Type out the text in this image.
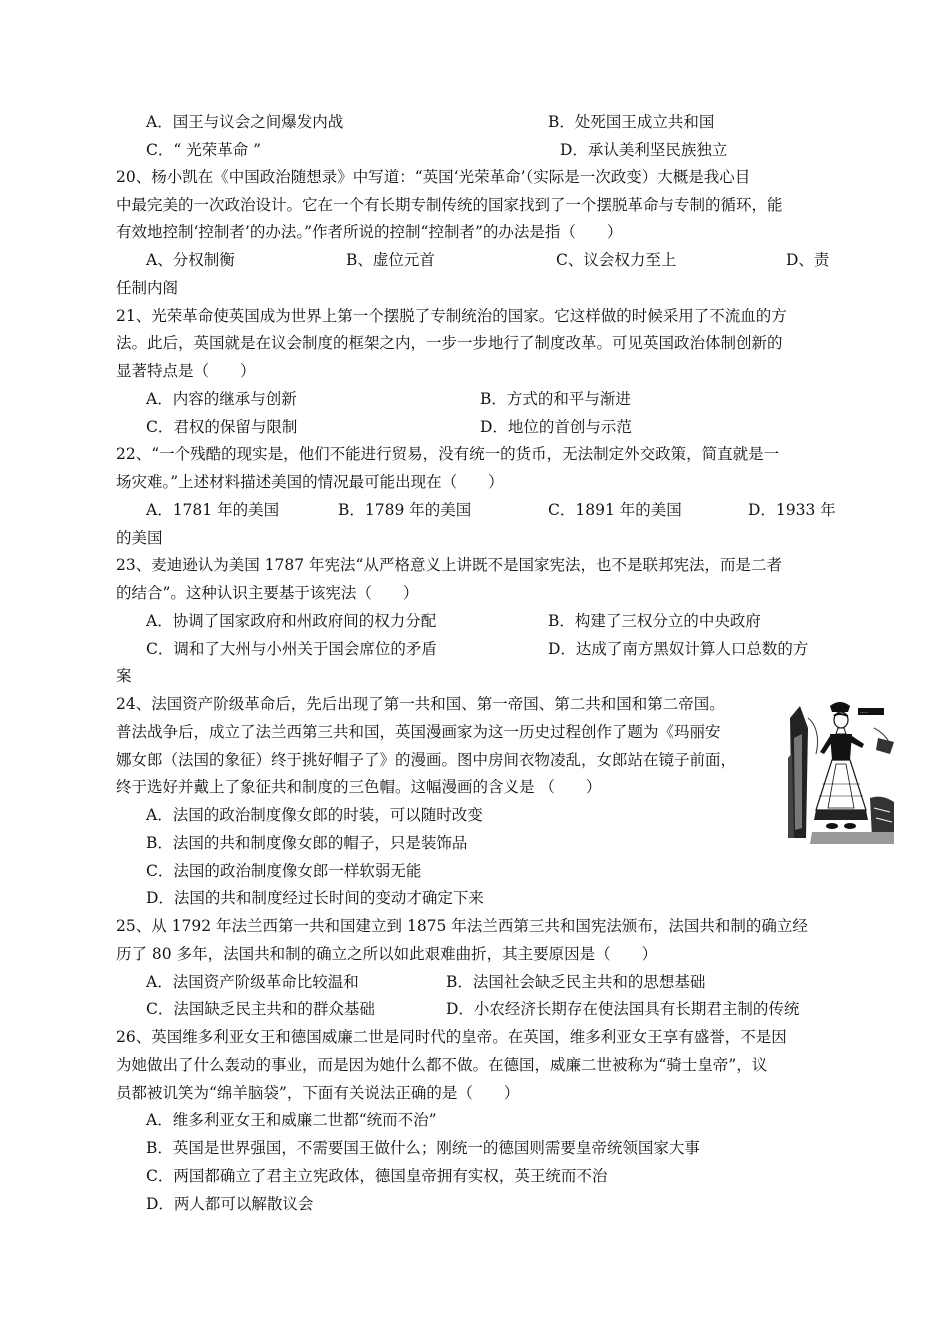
A．国王与议会之间爆发内战	B．处死国王成立共和国
C．“ 光荣革命 ”	D．承认美利坚民族独立
20、杨小凯在《中国政治随想录》中写道：“英国‘光荣革命’（实际是一次政变）大概是我心目
中最完美的一次政治设计。它在一个有长期专制传统的国家找到了一个摆脱革命与专制的循环，能
有效地控制‘控制者’的办法。”作者所说的控制“控制者”的办法是指（　　）
A、分权制衡	B、虚位元首	C、议会权力至上	D、责
任制内阁
21、光荣革命使英国成为世界上第一个摆脱了专制统治的国家。它这样做的时候采用了不流血的方
法。此后，英国就是在议会制度的框架之内，一步一步地行了制度改革。可见英国政治体制创新的
显著特点是（　　）
A．内容的继承与创新	B．方式的和平与渐进
C．君权的保留与限制	D．地位的首创与示范
22、“一个残酷的现实是，他们不能进行贸易，没有统一的货币，无法制定外交政策，简直就是一
场灾难。”上述材料描述美国的情况最可能出现在（　　）
A．1781 年的美国	B．1789 年的美国	C．1891 年的美国	D．1933 年
的美国
23、麦迪逊认为美国 1787 年宪法“从严格意义上讲既不是国家宪法，也不是联邦宪法，而是二者
的结合”。这种认识主要基于该宪法（　　）
A．协调了国家政府和州政府间的权力分配	B．构建了三权分立的中央政府
C．调和了大州与小州关于国会席位的矛盾	D．达成了南方黑奴计算人口总数的方
案
24、法国资产阶级革命后，先后出现了第一共和国、第一帝国、第二共和国和第二帝国。
普法战争后，成立了法兰西第三共和国，英国漫画家为这一历史过程创作了题为《玛丽安
娜女郎（法国的象征）终于挑好帽子了》的漫画。图中房间衣物凌乱，女郎站在镜子前面，
终于选好并戴上了象征共和制度的三色帽。这幅漫画的含义是 （　　）
A．法国的政治制度像女郎的时装，可以随时改变
B．法国的共和制度像女郎的帽子，只是装饰品
C．法国的政治制度像女郎一样软弱无能
D．法国的共和制度经过长时间的变动才确定下来
·····
25、从 1792 年法兰西第一共和国建立到 1875 年法兰西第三共和国宪法颁布，法国共和制的确立经
历了 80 多年，法国共和制的确立之所以如此艰难曲折，其主要原因是（　　）
A．法国资产阶级革命比较温和	B．法国社会缺乏民主共和的思想基础
C．法国缺乏民主共和的群众基础	D．小农经济长期存在使法国具有长期君主制的传统
26、英国维多利亚女王和德国威廉二世是同时代的皇帝。在英国，维多利亚女王享有盛誉，不是因
为她做出了什么轰动的事业，而是因为她什么都不做。在德国，威廉二世被称为“骑士皇帝”，议
员都被讥笑为“绵羊脑袋”，下面有关说法正确的是（　　）
A．维多利亚女王和威廉二世都“统而不治”
B．英国是世界强国，不需要国王做什么；刚统一的德国则需要皇帝统领国家大事
C．两国都确立了君主立宪政体，德国皇帝拥有实权，英王统而不治
D．两人都可以解散议会
